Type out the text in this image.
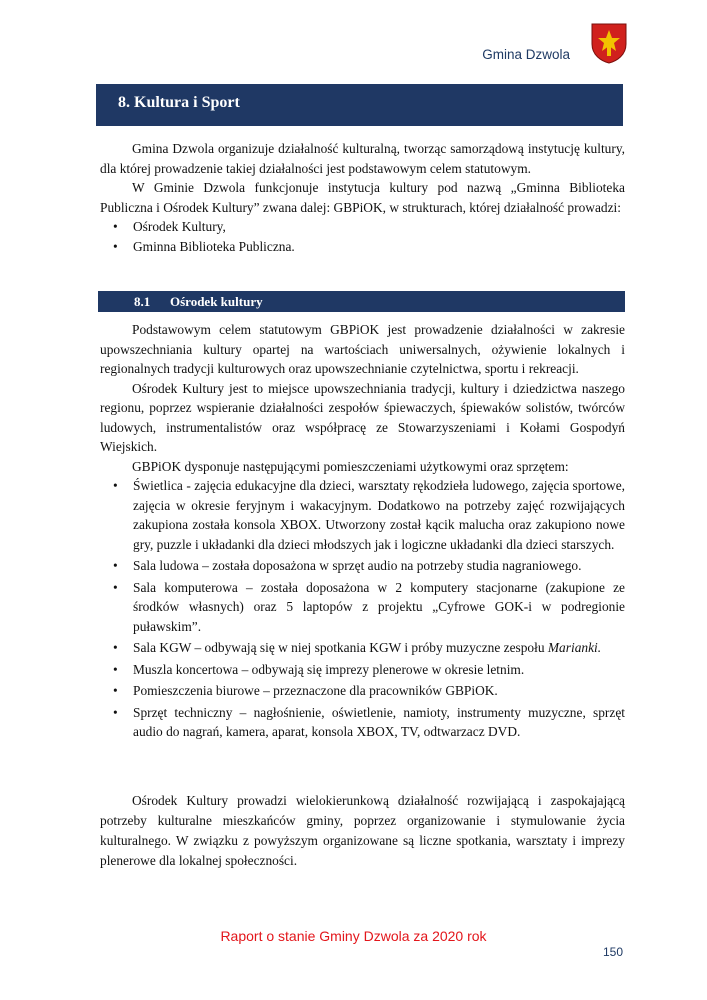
Gmina Dzwola
8. Kultura i Sport

Gmina Dzwola organizuje działalność kulturalną, tworząc samorządową instytucję kultury, dla której prowadzenie takiej działalności jest podstawowym celem statutowym.

W Gminie Dzwola funkcjonuje instytucja kultury pod nazwą „Gminna Biblioteka Publiczna i Ośrodek Kultury” zwana dalej: GBPiOK, w strukturach, której działalność prowadzi:

• Ośrodek Kultury,
• Gminna Biblioteka Publiczna.
8.1 Ośrodek kultury

Podstawowym celem statutowym GBPiOK jest prowadzenie działalności w zakresie upowszechniania kultury opartej na wartościach uniwersalnych, ożywienie lokalnych i regionalnych tradycji kulturowych oraz upowszechnianie czytelnictwa, sportu i rekreacji.

Ośrodek Kultury jest to miejsce upowszechniania tradycji, kultury i dziedzictwa naszego regionu, poprzez wspieranie działalności zespołów śpiewaczych, śpiewaków solistów, twórców ludowych, instrumentalistów oraz współpracę ze Stowarzyszeniami i Kołami Gospodyń Wiejskich.

GBPiOK dysponuje następującymi pomieszczeniami użytkowymi oraz sprzętem:

• Świetlica - zajęcia edukacyjne dla dzieci, warsztaty rękodzieła ludowego, zajęcia sportowe, zajęcia w okresie feryjnym i wakacyjnym. Dodatkowo na potrzeby zajęć rozwijających zakupiona została konsola XBOX. Utworzony został kącik malucha oraz zakupiono nowe gry, puzzle i układanki dla dzieci młodszych jak i logiczne układanki dla dzieci starszych.
• Sala ludowa – została doposażona w sprzęt audio na potrzeby studia nagraniowego.
• Sala komputerowa – została doposażona w 2 komputery stacjonarne (zakupione ze środków własnych) oraz 5 laptopów z projektu „Cyfrowe GOK-i w podregionie puławskim”.
• Sala KGW – odbywają się w niej spotkania KGW i próby muzyczne zespołu Marianki.
• Muszla koncertowa – odbywają się imprezy plenerowe w okresie letnim.
• Pomieszczenia biurowe – przeznaczone dla pracowników GBPiOK.
• Sprzęt techniczny – nagłośnienie, oświetlenie, namioty, instrumenty muzyczne, sprzęt audio do nagrań, kamera, aparat, konsola XBOX, TV, odtwarzacz DVD.

Ośrodek Kultury prowadzi wielokierunkową działalność rozwijającą i zaspokajającą potrzeby kulturalne mieszkańców gminy, poprzez organizowanie i stymulowanie życia kulturalnego. W związku z powyższym organizowane są liczne spotkania, warsztaty i imprezy plenerowe dla lokalnej społeczności.

Raport o stanie Gminy Dzwola za 2020 rok
150
